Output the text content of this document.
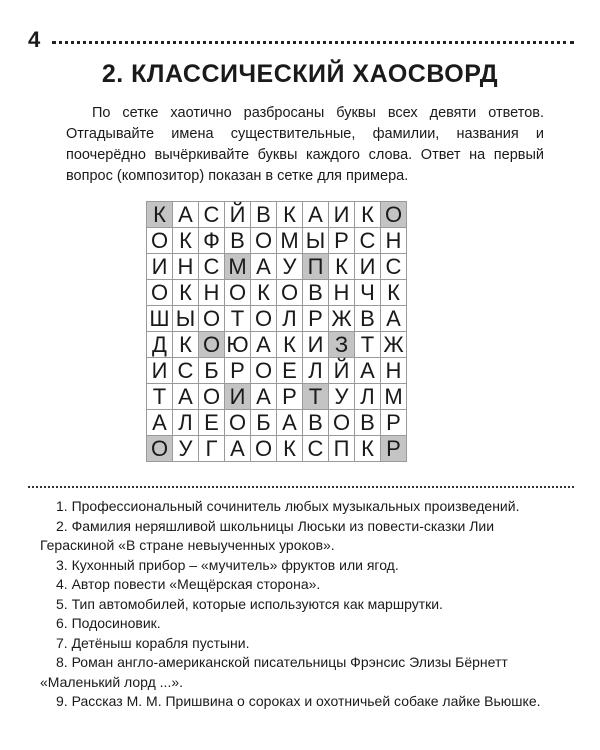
4
2. КЛАССИЧЕСКИЙ ХАОСВОРД

По сетке хаотично разбросаны буквы всех девяти ответов. Отгадывайте имена существительные, фамилии, названия и поочерёдно вычёркивайте буквы каждого слова. Ответ на первый вопрос (композитор) показан в сетке для примера.

К А С Й В К А И К О
О К Ф В О М Ы Р С Н
И Н С М А У П К И С
О К Н О К О В Н Ч К
Ш Ы О Т О Л Р Ж В А
Д К О Ю А К И З Т Ж
И С Б Р О Е Л Й А Н
Т А О И А Р Т У Л М
А Л Е О Б А В О В Р
О У Г А О К С П К Р
1. Профессиональный сочинитель любых музыкальных произведений.
2. Фамилия неряшливой школьницы Люськи из повести-сказки Лии Гераскиной «В стране невыученных уроков».
3. Кухонный прибор – «мучитель» фруктов или ягод.
4. Автор повести «Мещёрская сторона».
5. Тип автомобилей, которые используются как маршрутки.
6. Подосиновик.
7. Детёныш корабля пустыни.
8. Роман англо-американской писательницы Фрэнсис Элизы Бёрнетт «Маленький лорд ...».
9. Рассказ М. М. Пришвина о сороках и охотничьей собаке лайке Вьюшке.
